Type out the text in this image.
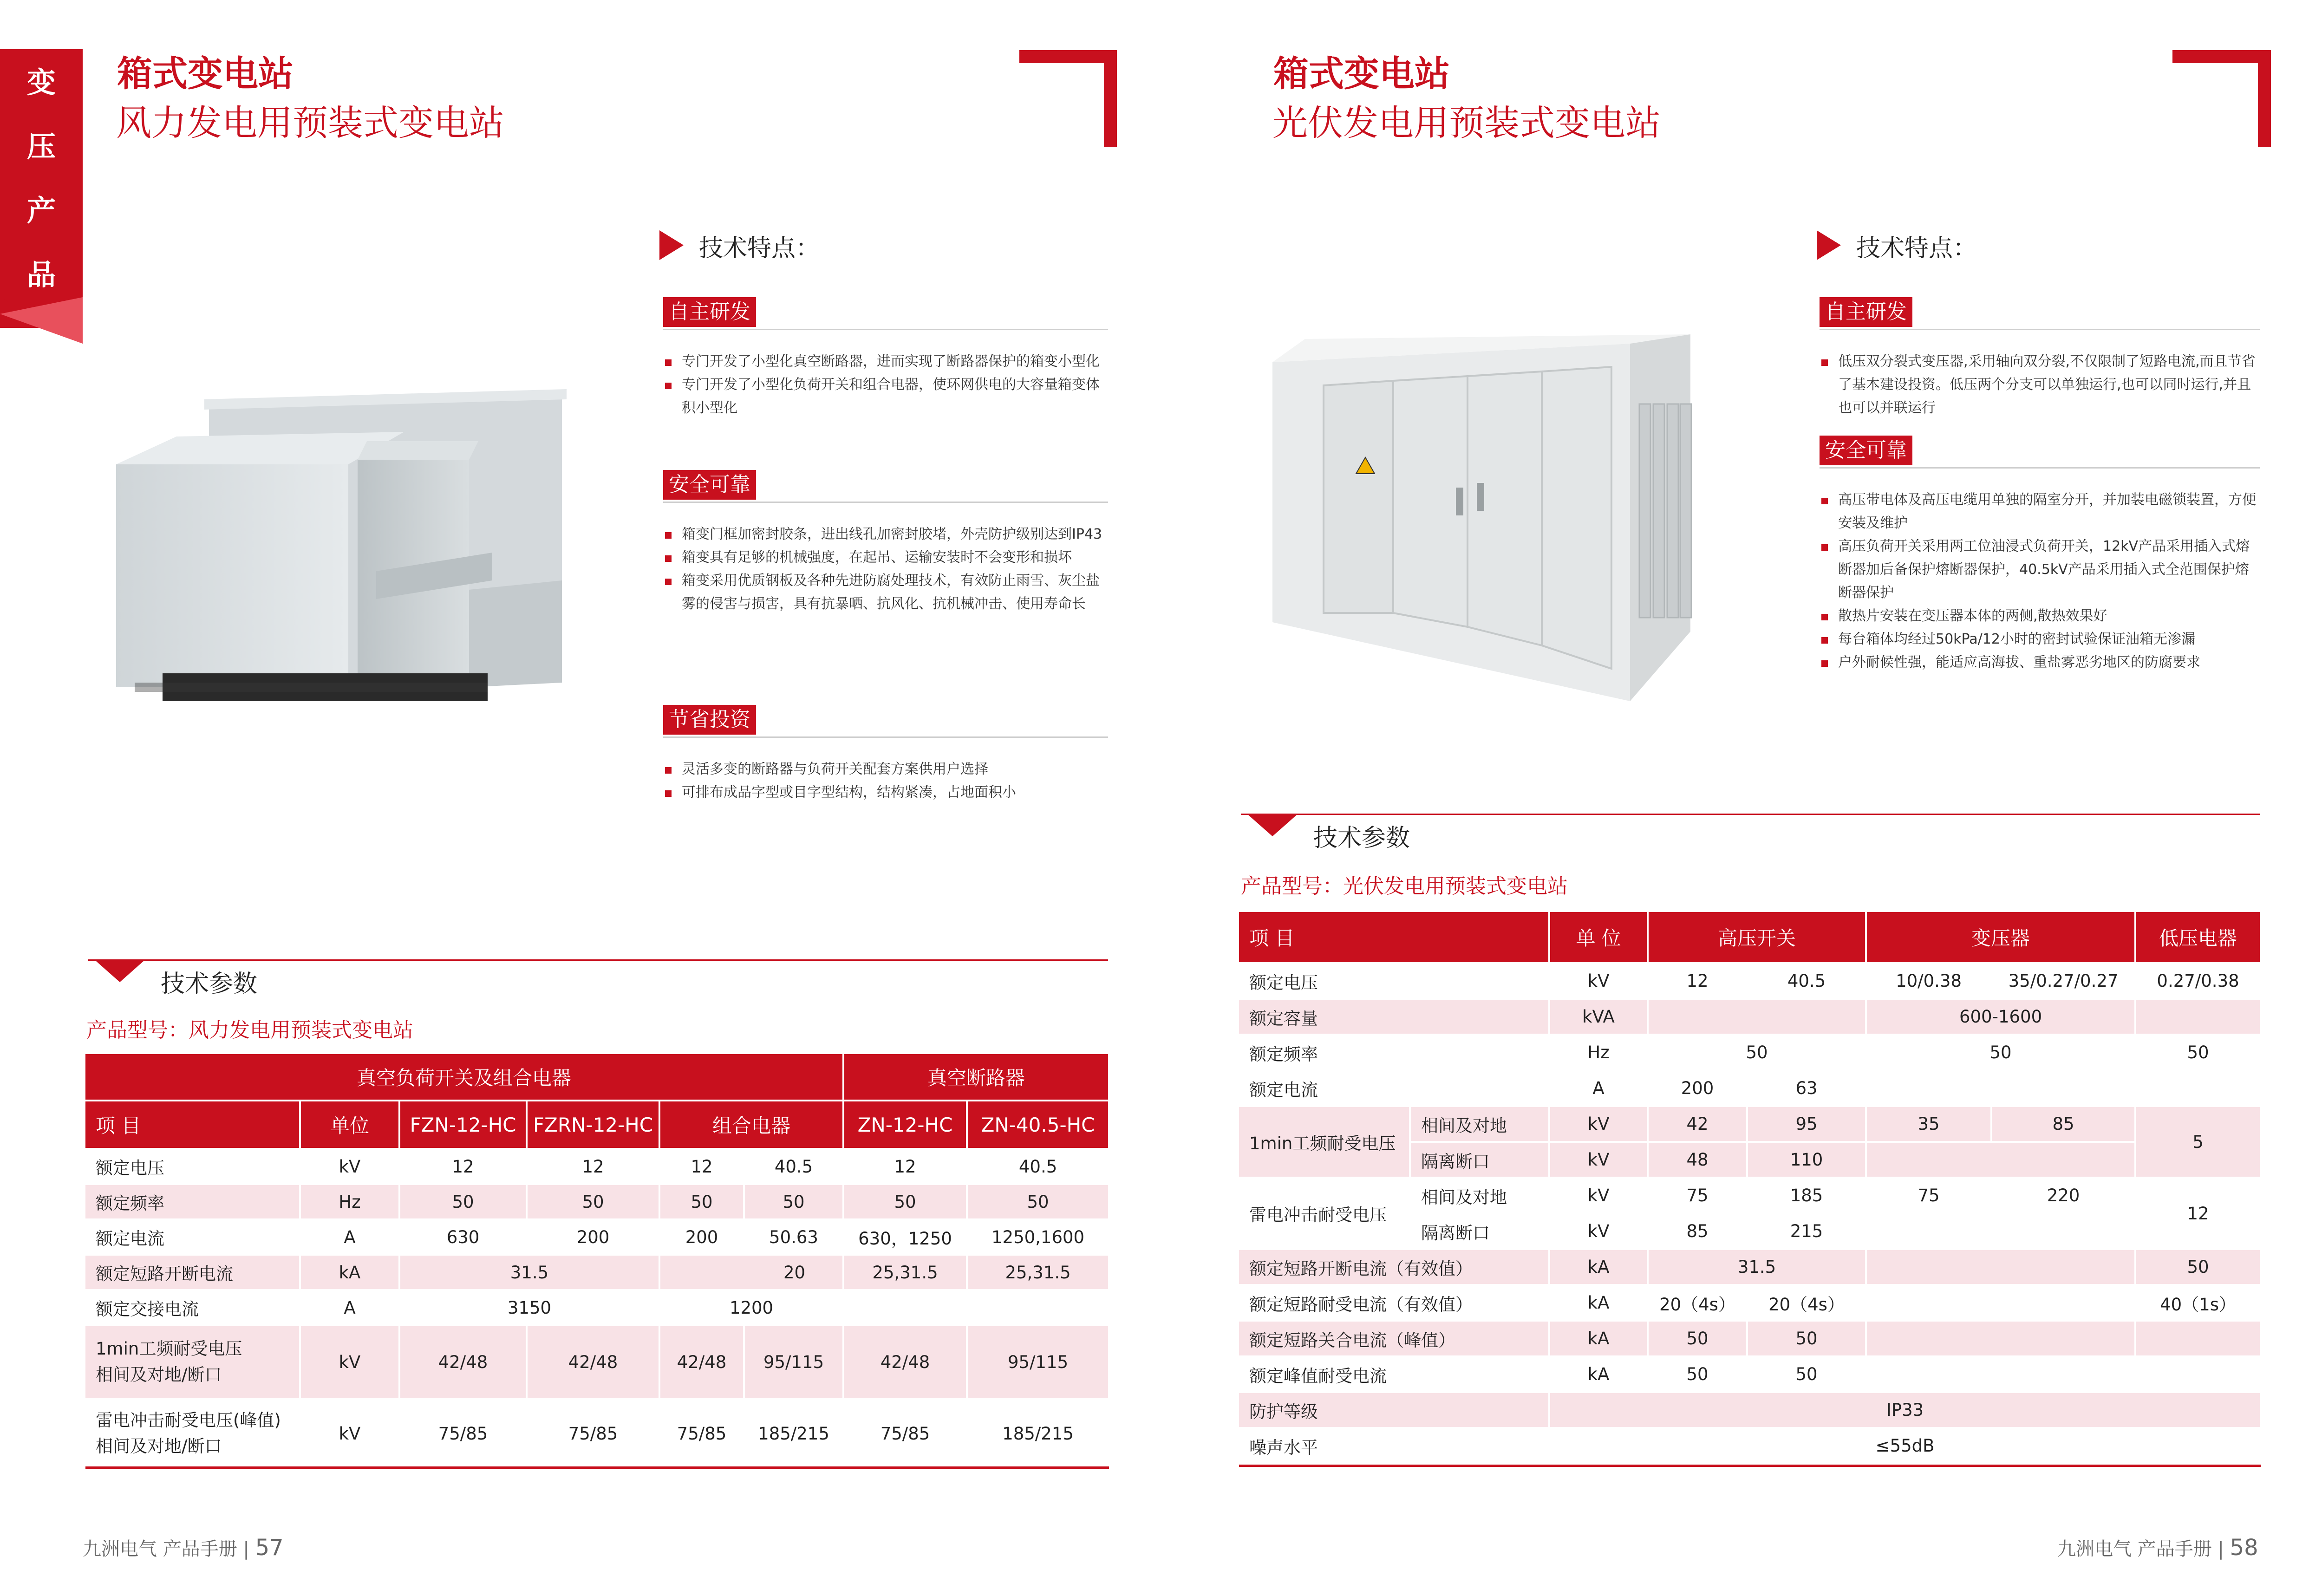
变
压
产
品
箱式变电站
风力发电用预装式变电站
技术特点：
自主研发
专门开发了小型化真空断路器，进而实现了断路器保护的箱变小型化
专门开发了小型化负荷开关和组合电器，使环网供电的大容量箱变体积小型化
安全可靠
箱变门框加密封胶条，进出线孔加密封胶堵，外壳防护级别达到IP43
箱变具有足够的机械强度，在起吊、运输安装时不会变形和损坏
箱变采用优质钢板及各种先进防腐处理技术，有效防止雨雪、灰尘盐雾的侵害与损害，具有抗暴晒、抗风化、抗机械冲击、使用寿命长
节省投资
灵活多变的断路器与负荷开关配套方案供用户选择
可排布成品字型或目字型结构，结构紧凑，占地面积小
技术参数
产品型号：风力发电用预装式变电站
真空负荷开关及组合电器						真空断路器	
项 目	单位	FZN-12-HC	FZRN-12-HC	组合电器		ZN-12-HC	ZN-40.5-HC
额定电压	kV	12	12	12	40.5	12	40.5
额定频率	Hz	50	50	50	50	50	50
额定电流	A	630	200	200	50.63	630，1250	1250,1600
额定短路开断电流	kA	31.5		20		25,31.5	25,31.5
额定交接电流	A	3150		1200			

1min工频耐受电压
相间及对地/断口	kV	42/48	42/48	42/48	95/115	42/48	95/115

雷电冲击耐受电压(峰值)
相间及对地/断口	kV	75/85	75/85	75/85	185/215	75/85	185/215
九洲电气 产品手册 | 57
箱式变电站
光伏发电用预装式变电站
技术特点：
自主研发
低压双分裂式变压器,采用轴向双分裂,不仅限制了短路电流,而且节省了基本建设投资。低压两个分支可以单独运行,也可以同时运行,并且也可以并联运行
安全可靠
高压带电体及高压电缆用单独的隔室分开，并加装电磁锁装置，方便安装及维护
高压负荷开关采用两工位油浸式负荷开关，12kV产品采用插入式熔断器加后备保护熔断器保护，40.5kV产品采用插入式全范围保护熔断器保护
散热片安装在变压器本体的两侧,散热效果好
每台箱体均经过50kPa/12小时的密封试验保证油箱无渗漏
户外耐候性强，能适应高海拔、重盐雾恶劣地区的防腐要求
技术参数
产品型号：光伏发电用预装式变电站
项 目		单 位	高压开关		变压器		低压电器
额定电压		kV	12	40.5	10/0.38	35/0.27/0.27	0.27/0.38
额定容量		kVA			600-1600		
额定频率		Hz	50		50		50
额定电流		A	200	63			
1min工频耐受电压	相间及对地	kV	42	95	35	85	5
	隔离断口	kV	48	110			
雷电冲击耐受电压	相间及对地	kV	75	185	75	220	12
	隔离断口	kV	85	215			
额定短路开断电流（有效值）		kA	31.5				50
额定短路耐受电流（有效值）		kA	20（4s）	20（4s）			40（1s）
额定短路关合电流（峰值）		kA	50	50			
额定峰值耐受电流		kA	50	50			
防护等级		IP33					
噪声水平		≤55dB					
九洲电气 产品手册 | 58
